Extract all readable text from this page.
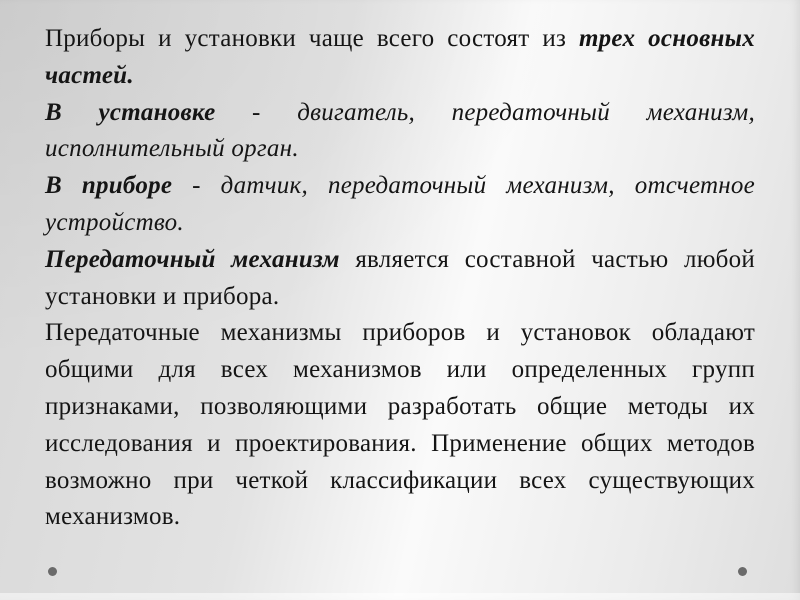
Приборы и установки чаще всего состоят из трех основных
частей.
В установке - двигатель, передаточный механизм,
исполнительный орган.
В приборе - датчик, передаточный механизм, отсчетное
устройство.
Передаточный механизм является составной частью любой
установки и прибора.
Передаточные механизмы приборов и установок обладают
общими для всех механизмов или определенных групп
признаками, позволяющими разработать общие методы их
исследования и проектирования. Применение общих методов
возможно при четкой классификации всех существующих
механизмов.
